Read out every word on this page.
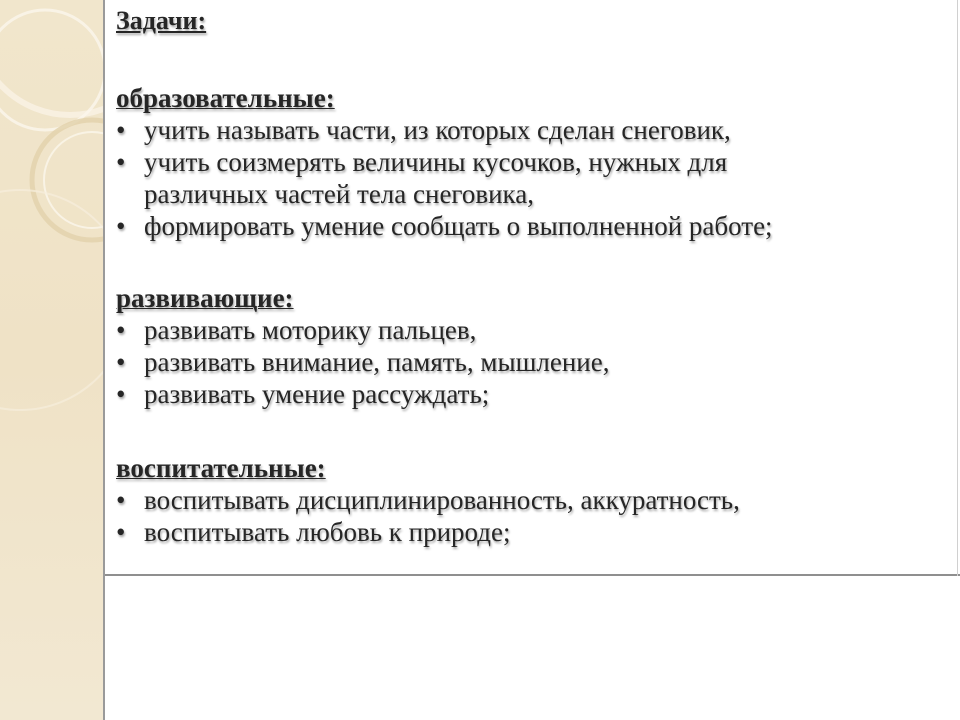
Задачи:
образовательные:
• учить называть части, из которых сделан снеговик,
• учить соизмерять величины кусочков, нужных для
различных частей тела снеговика,
• формировать умение сообщать о выполненной работе;
развивающие:
• развивать моторику пальцев,
• развивать внимание, память, мышление,
• развивать умение рассуждать;
воспитательные:
• воспитывать дисциплинированность, аккуратность,
• воспитывать любовь к природе;
